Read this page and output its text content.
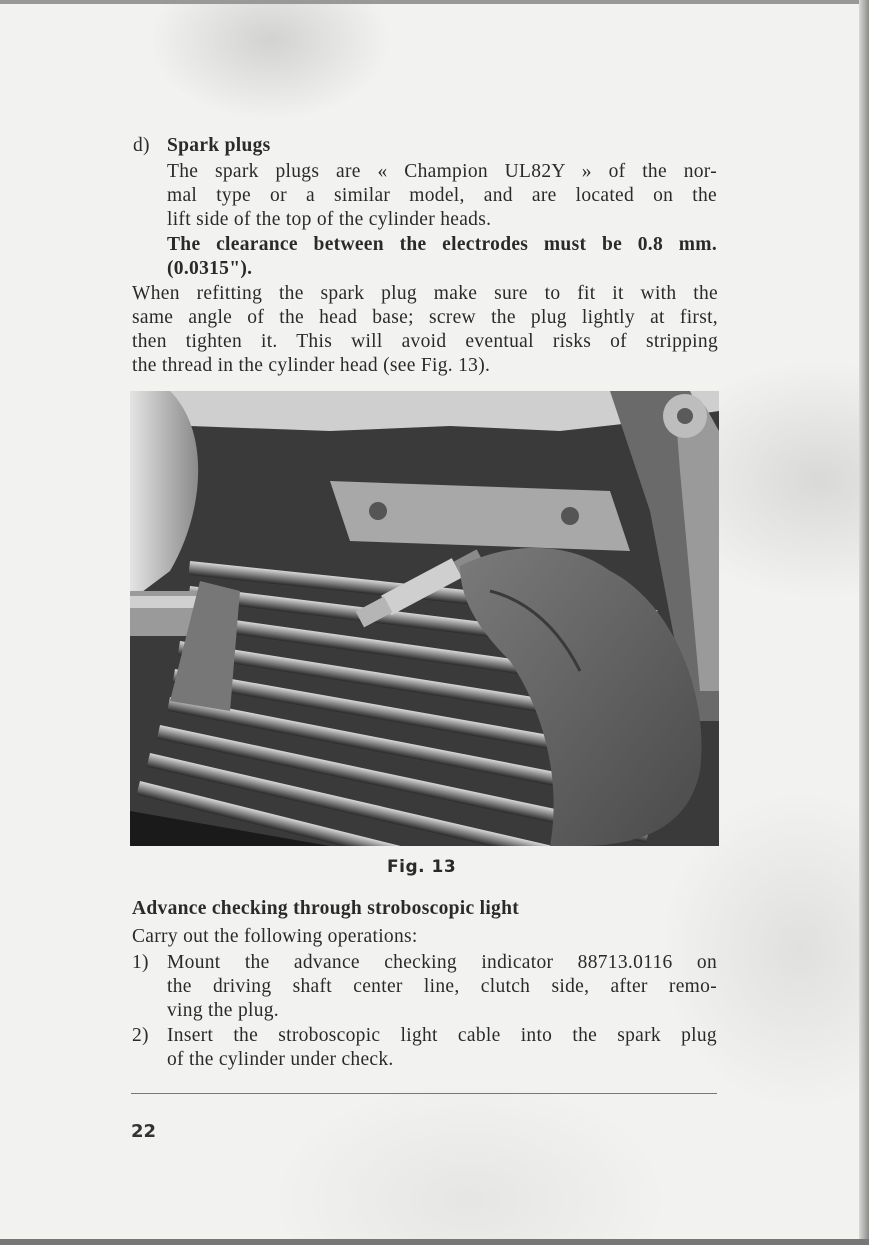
d) Spark plugs
The spark plugs are « Champion UL82Y » of the nor-
mal type or a similar model, and are located on the
lift side of the top of the cylinder heads.
The clearance between the electrodes must be 0.8 mm.
(0.0315").
When refitting the spark plug make sure to fit it with the
same angle of the head base; screw the plug lightly at first,
then tighten it. This will avoid eventual risks of stripping
the thread in the cylinder head (see Fig. 13).
Fig. 13
Advance checking through stroboscopic light
Carry out the following operations:
1) Mount the advance checking indicator 88713.0116 on
the driving shaft center line, clutch side, after remo-
ving the plug.
2) Insert the stroboscopic light cable into the spark plug
of the cylinder under check.
22
